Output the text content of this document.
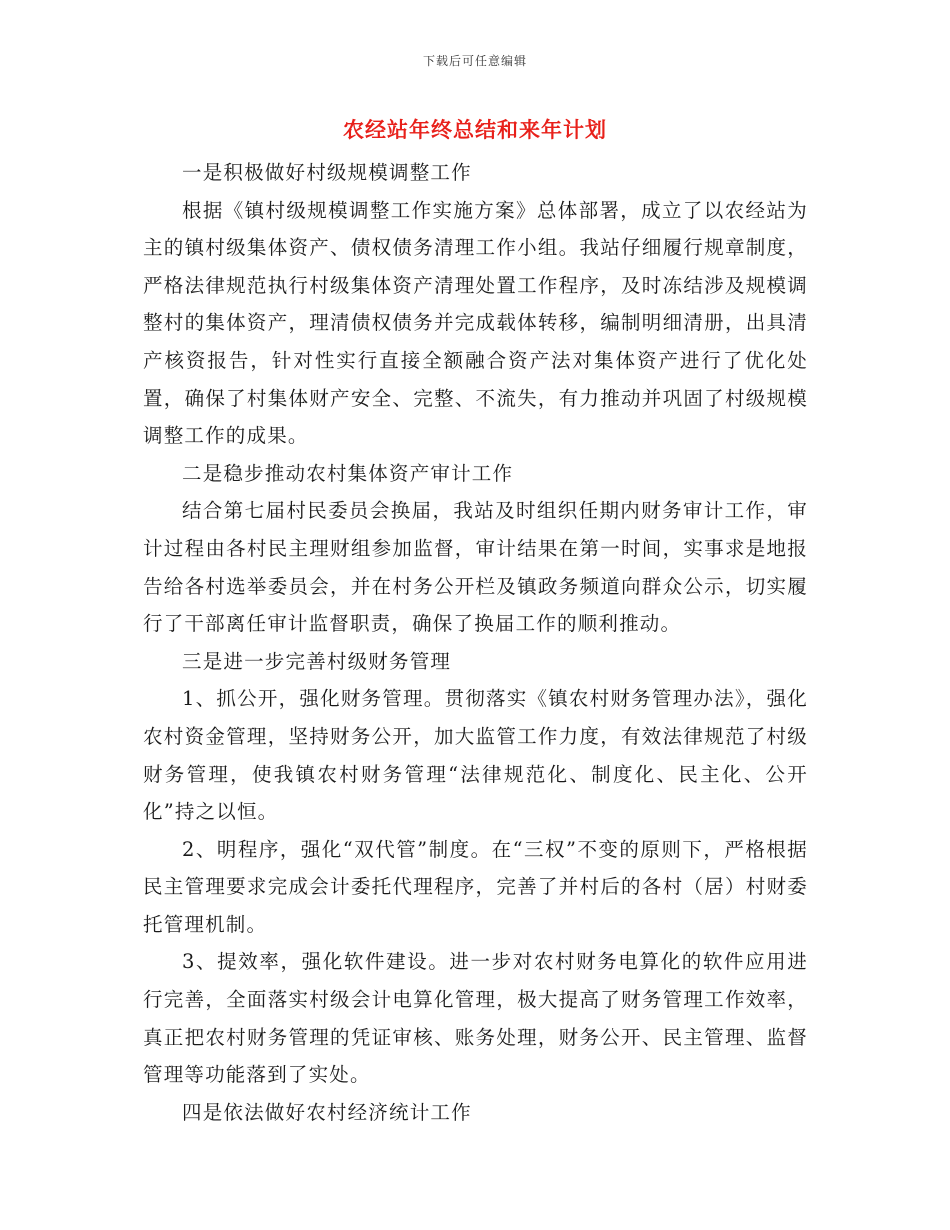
下载后可任意编辑
农经站年终总结和来年计划

一是积极做好村级规模调整工作

根据《镇村级规模调整工作实施方案》总体部署，成立了以农经站为主的镇村级集体资产、债权债务清理工作小组。我站仔细履行规章制度，严格法律规范执行村级集体资产清理处置工作程序，及时冻结涉及规模调整村的集体资产，理清债权债务并完成载体转移，编制明细清册，出具清产核资报告，针对性实行直接全额融合资产法对集体资产进行了优化处置，确保了村集体财产安全、完整、不流失，有力推动并巩固了村级规模调整工作的成果。

二是稳步推动农村集体资产审计工作

结合第七届村民委员会换届，我站及时组织任期内财务审计工作，审计过程由各村民主理财组参加监督，审计结果在第一时间，实事求是地报告给各村选举委员会，并在村务公开栏及镇政务频道向群众公示，切实履行了干部离任审计监督职责，确保了换届工作的顺利推动。

三是进一步完善村级财务管理

1、抓公开，强化财务管理。贯彻落实《镇农村财务管理办法》，强化农村资金管理，坚持财务公开，加大监管工作力度，有效法律规范了村级财务管理，使我镇农村财务管理“法律规范化、制度化、民主化、公开化”持之以恒。

2、明程序，强化“双代管”制度。在“三权”不变的原则下，严格根据民主管理要求完成会计委托代理程序，完善了并村后的各村（居）村财委托管理机制。

3、提效率，强化软件建设。进一步对农村财务电算化的软件应用进行完善，全面落实村级会计电算化管理，极大提高了财务管理工作效率，真正把农村财务管理的凭证审核、账务处理，财务公开、民主管理、监督管理等功能落到了实处。

四是依法做好农村经济统计工作
